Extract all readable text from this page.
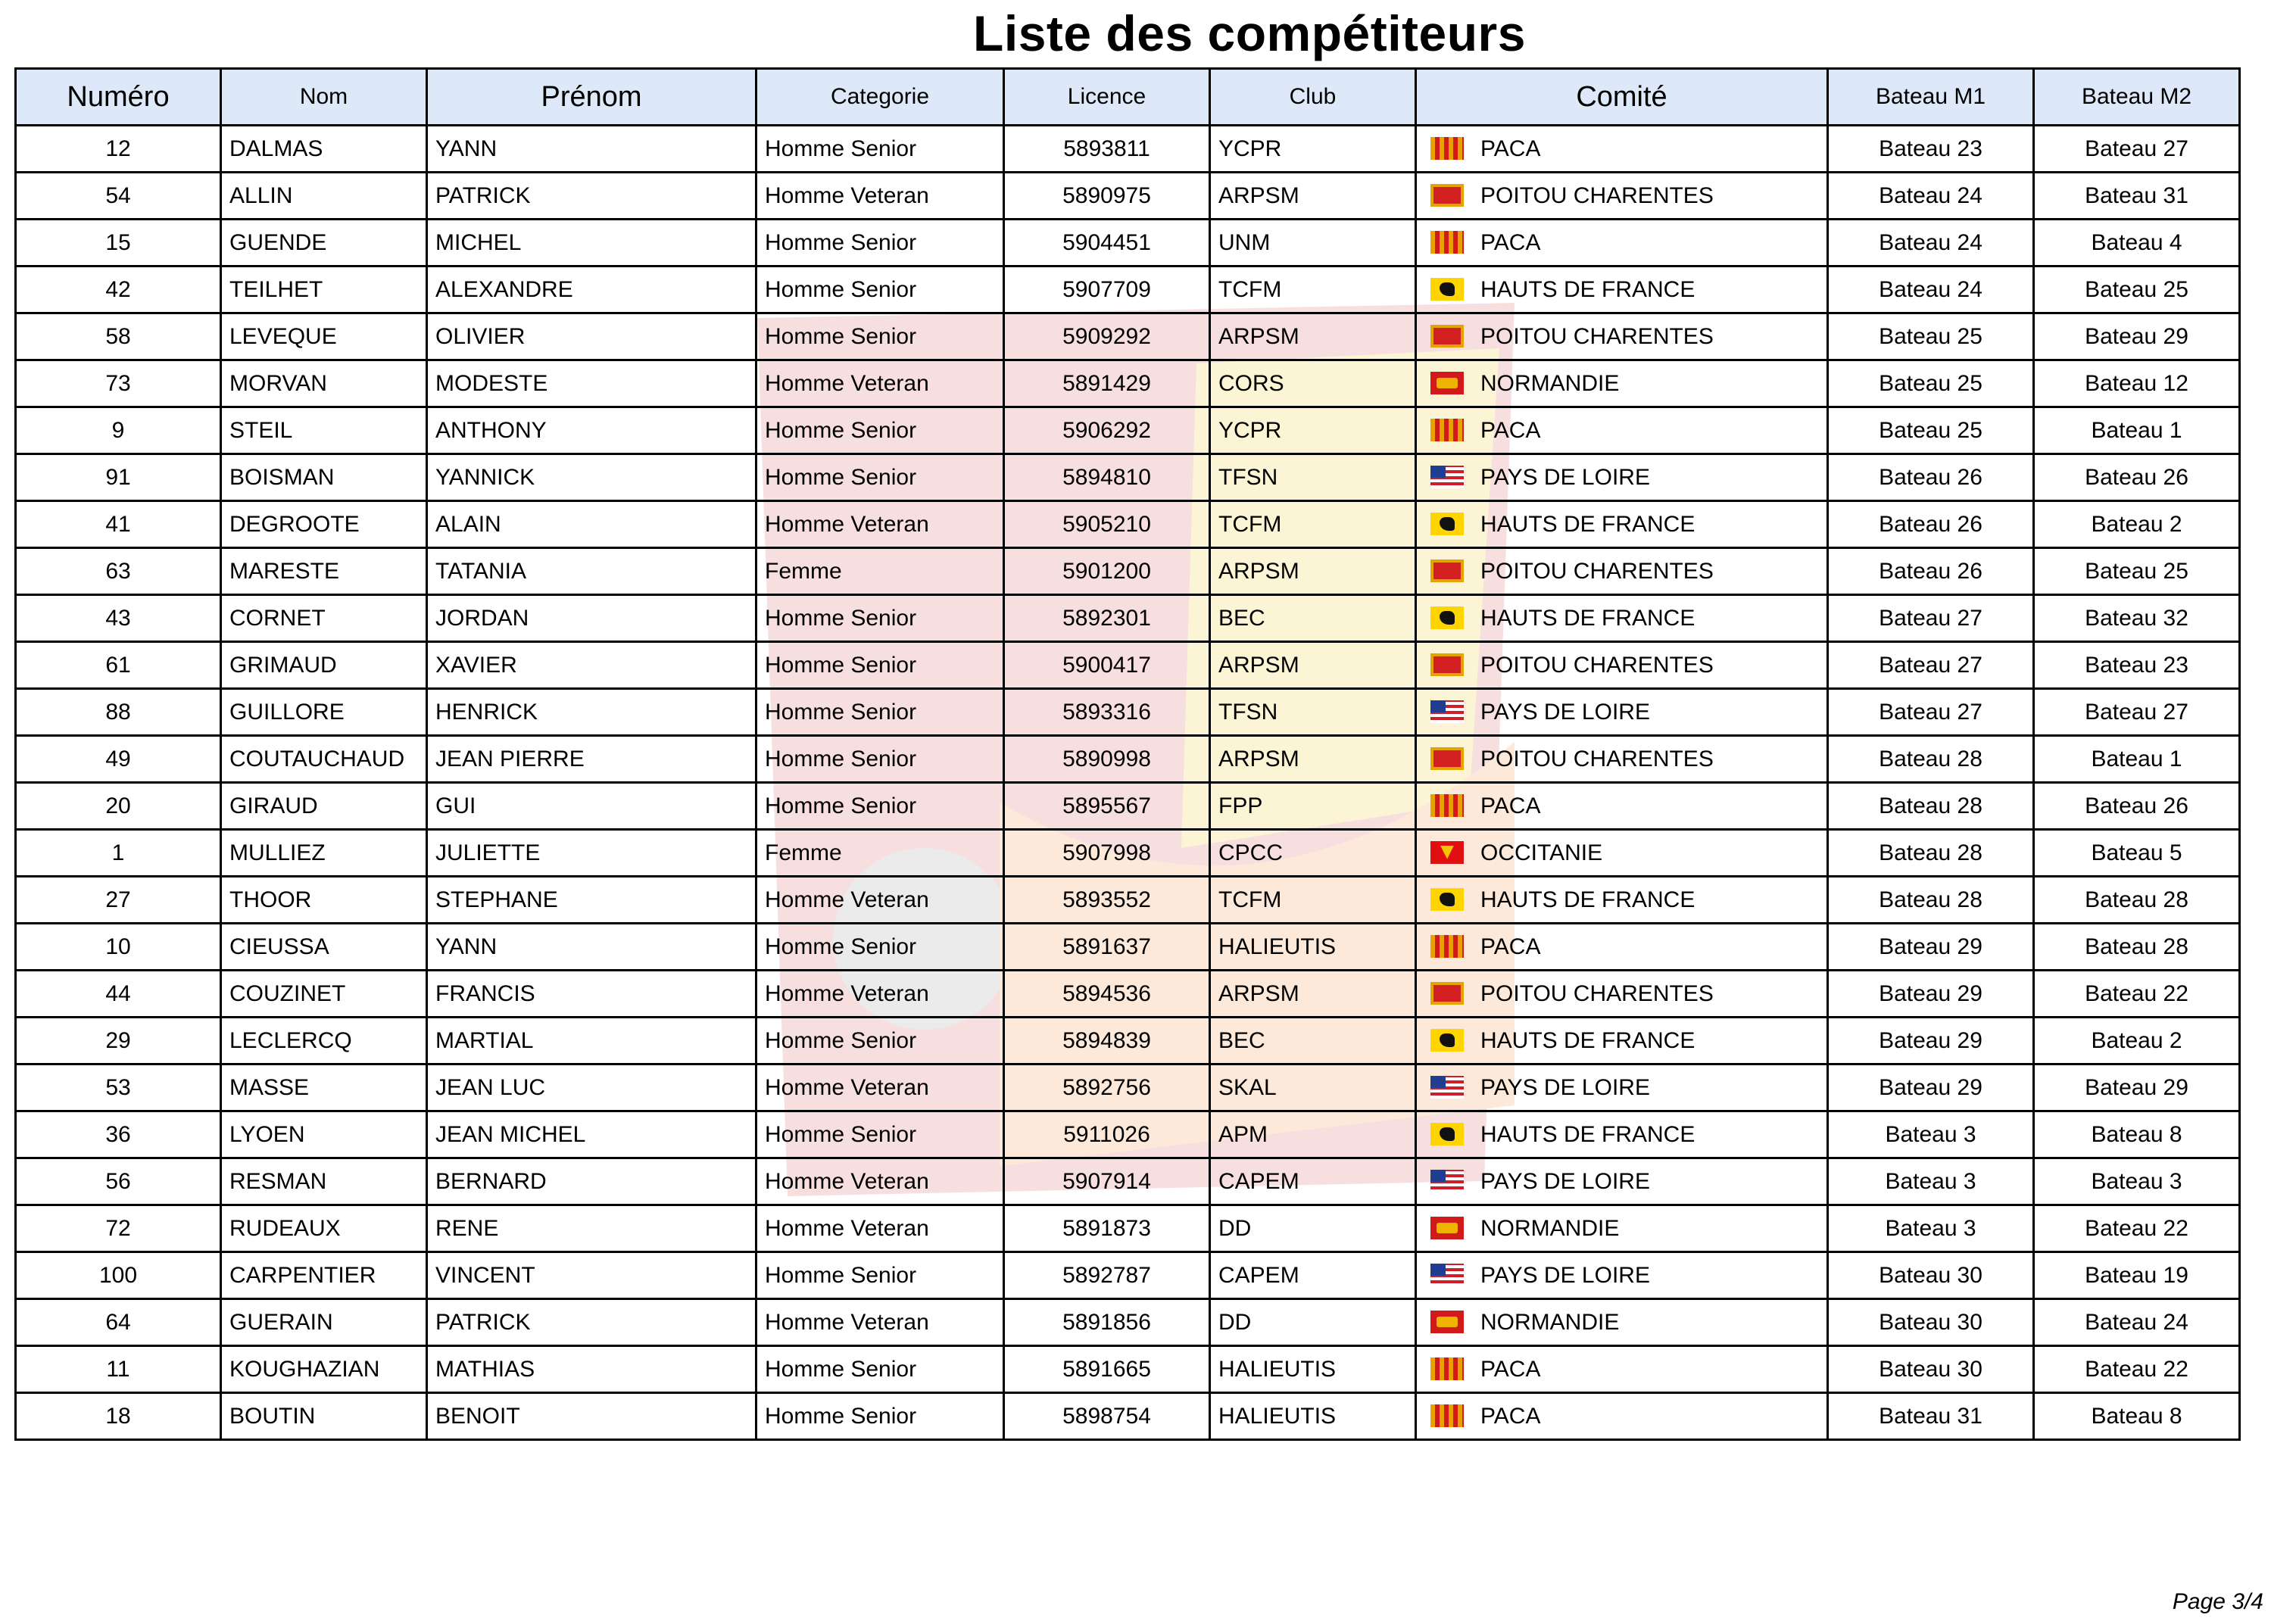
Liste des compétiteurs
Numéro	Nom	Prénom	Categorie	Licence	Club	Comité	Bateau M1	Bateau M2
12	DALMAS	YANN	Homme Senior	5893811	YCPR	PACA	Bateau 23	Bateau 27
54	ALLIN	PATRICK	Homme Veteran	5890975	ARPSM	POITOU CHARENTES	Bateau 24	Bateau 31
15	GUENDE	MICHEL	Homme Senior	5904451	UNM	PACA	Bateau 24	Bateau 4
42	TEILHET	ALEXANDRE	Homme Senior	5907709	TCFM	HAUTS DE FRANCE	Bateau 24	Bateau 25
58	LEVEQUE	OLIVIER	Homme Senior	5909292	ARPSM	POITOU CHARENTES	Bateau 25	Bateau 29
73	MORVAN	MODESTE	Homme Veteran	5891429	CORS	NORMANDIE	Bateau 25	Bateau 12
9	STEIL	ANTHONY	Homme Senior	5906292	YCPR	PACA	Bateau 25	Bateau 1
91	BOISMAN	YANNICK	Homme Senior	5894810	TFSN	PAYS DE LOIRE	Bateau 26	Bateau 26
41	DEGROOTE	ALAIN	Homme Veteran	5905210	TCFM	HAUTS DE FRANCE	Bateau 26	Bateau 2
63	MARESTE	TATANIA	Femme	5901200	ARPSM	POITOU CHARENTES	Bateau 26	Bateau 25
43	CORNET	JORDAN	Homme Senior	5892301	BEC	HAUTS DE FRANCE	Bateau 27	Bateau 32
61	GRIMAUD	XAVIER	Homme Senior	5900417	ARPSM	POITOU CHARENTES	Bateau 27	Bateau 23
88	GUILLORE	HENRICK	Homme Senior	5893316	TFSN	PAYS DE LOIRE	Bateau 27	Bateau 27
49	COUTAUCHAUD	JEAN PIERRE	Homme Senior	5890998	ARPSM	POITOU CHARENTES	Bateau 28	Bateau 1
20	GIRAUD	GUI	Homme Senior	5895567	FPP	PACA	Bateau 28	Bateau 26
1	MULLIEZ	JULIETTE	Femme	5907998	CPCC	OCCITANIE	Bateau 28	Bateau 5
27	THOOR	STEPHANE	Homme Veteran	5893552	TCFM	HAUTS DE FRANCE	Bateau 28	Bateau 28
10	CIEUSSA	YANN	Homme Senior	5891637	HALIEUTIS	PACA	Bateau 29	Bateau 28
44	COUZINET	FRANCIS	Homme Veteran	5894536	ARPSM	POITOU CHARENTES	Bateau 29	Bateau 22
29	LECLERCQ	MARTIAL	Homme Senior	5894839	BEC	HAUTS DE FRANCE	Bateau 29	Bateau 2
53	MASSE	JEAN LUC	Homme Veteran	5892756	SKAL	PAYS DE LOIRE	Bateau 29	Bateau 29
36	LYOEN	JEAN MICHEL	Homme Senior	5911026	APM	HAUTS DE FRANCE	Bateau 3	Bateau 8
56	RESMAN	BERNARD	Homme Veteran	5907914	CAPEM	PAYS DE LOIRE	Bateau 3	Bateau 3
72	RUDEAUX	RENE	Homme Veteran	5891873	DD	NORMANDIE	Bateau 3	Bateau 22
100	CARPENTIER	VINCENT	Homme Senior	5892787	CAPEM	PAYS DE LOIRE	Bateau 30	Bateau 19
64	GUERAIN	PATRICK	Homme Veteran	5891856	DD	NORMANDIE	Bateau 30	Bateau 24
11	KOUGHAZIAN	MATHIAS	Homme Senior	5891665	HALIEUTIS	PACA	Bateau 30	Bateau 22
18	BOUTIN	BENOIT	Homme Senior	5898754	HALIEUTIS	PACA	Bateau 31	Bateau 8
Page 3/4
